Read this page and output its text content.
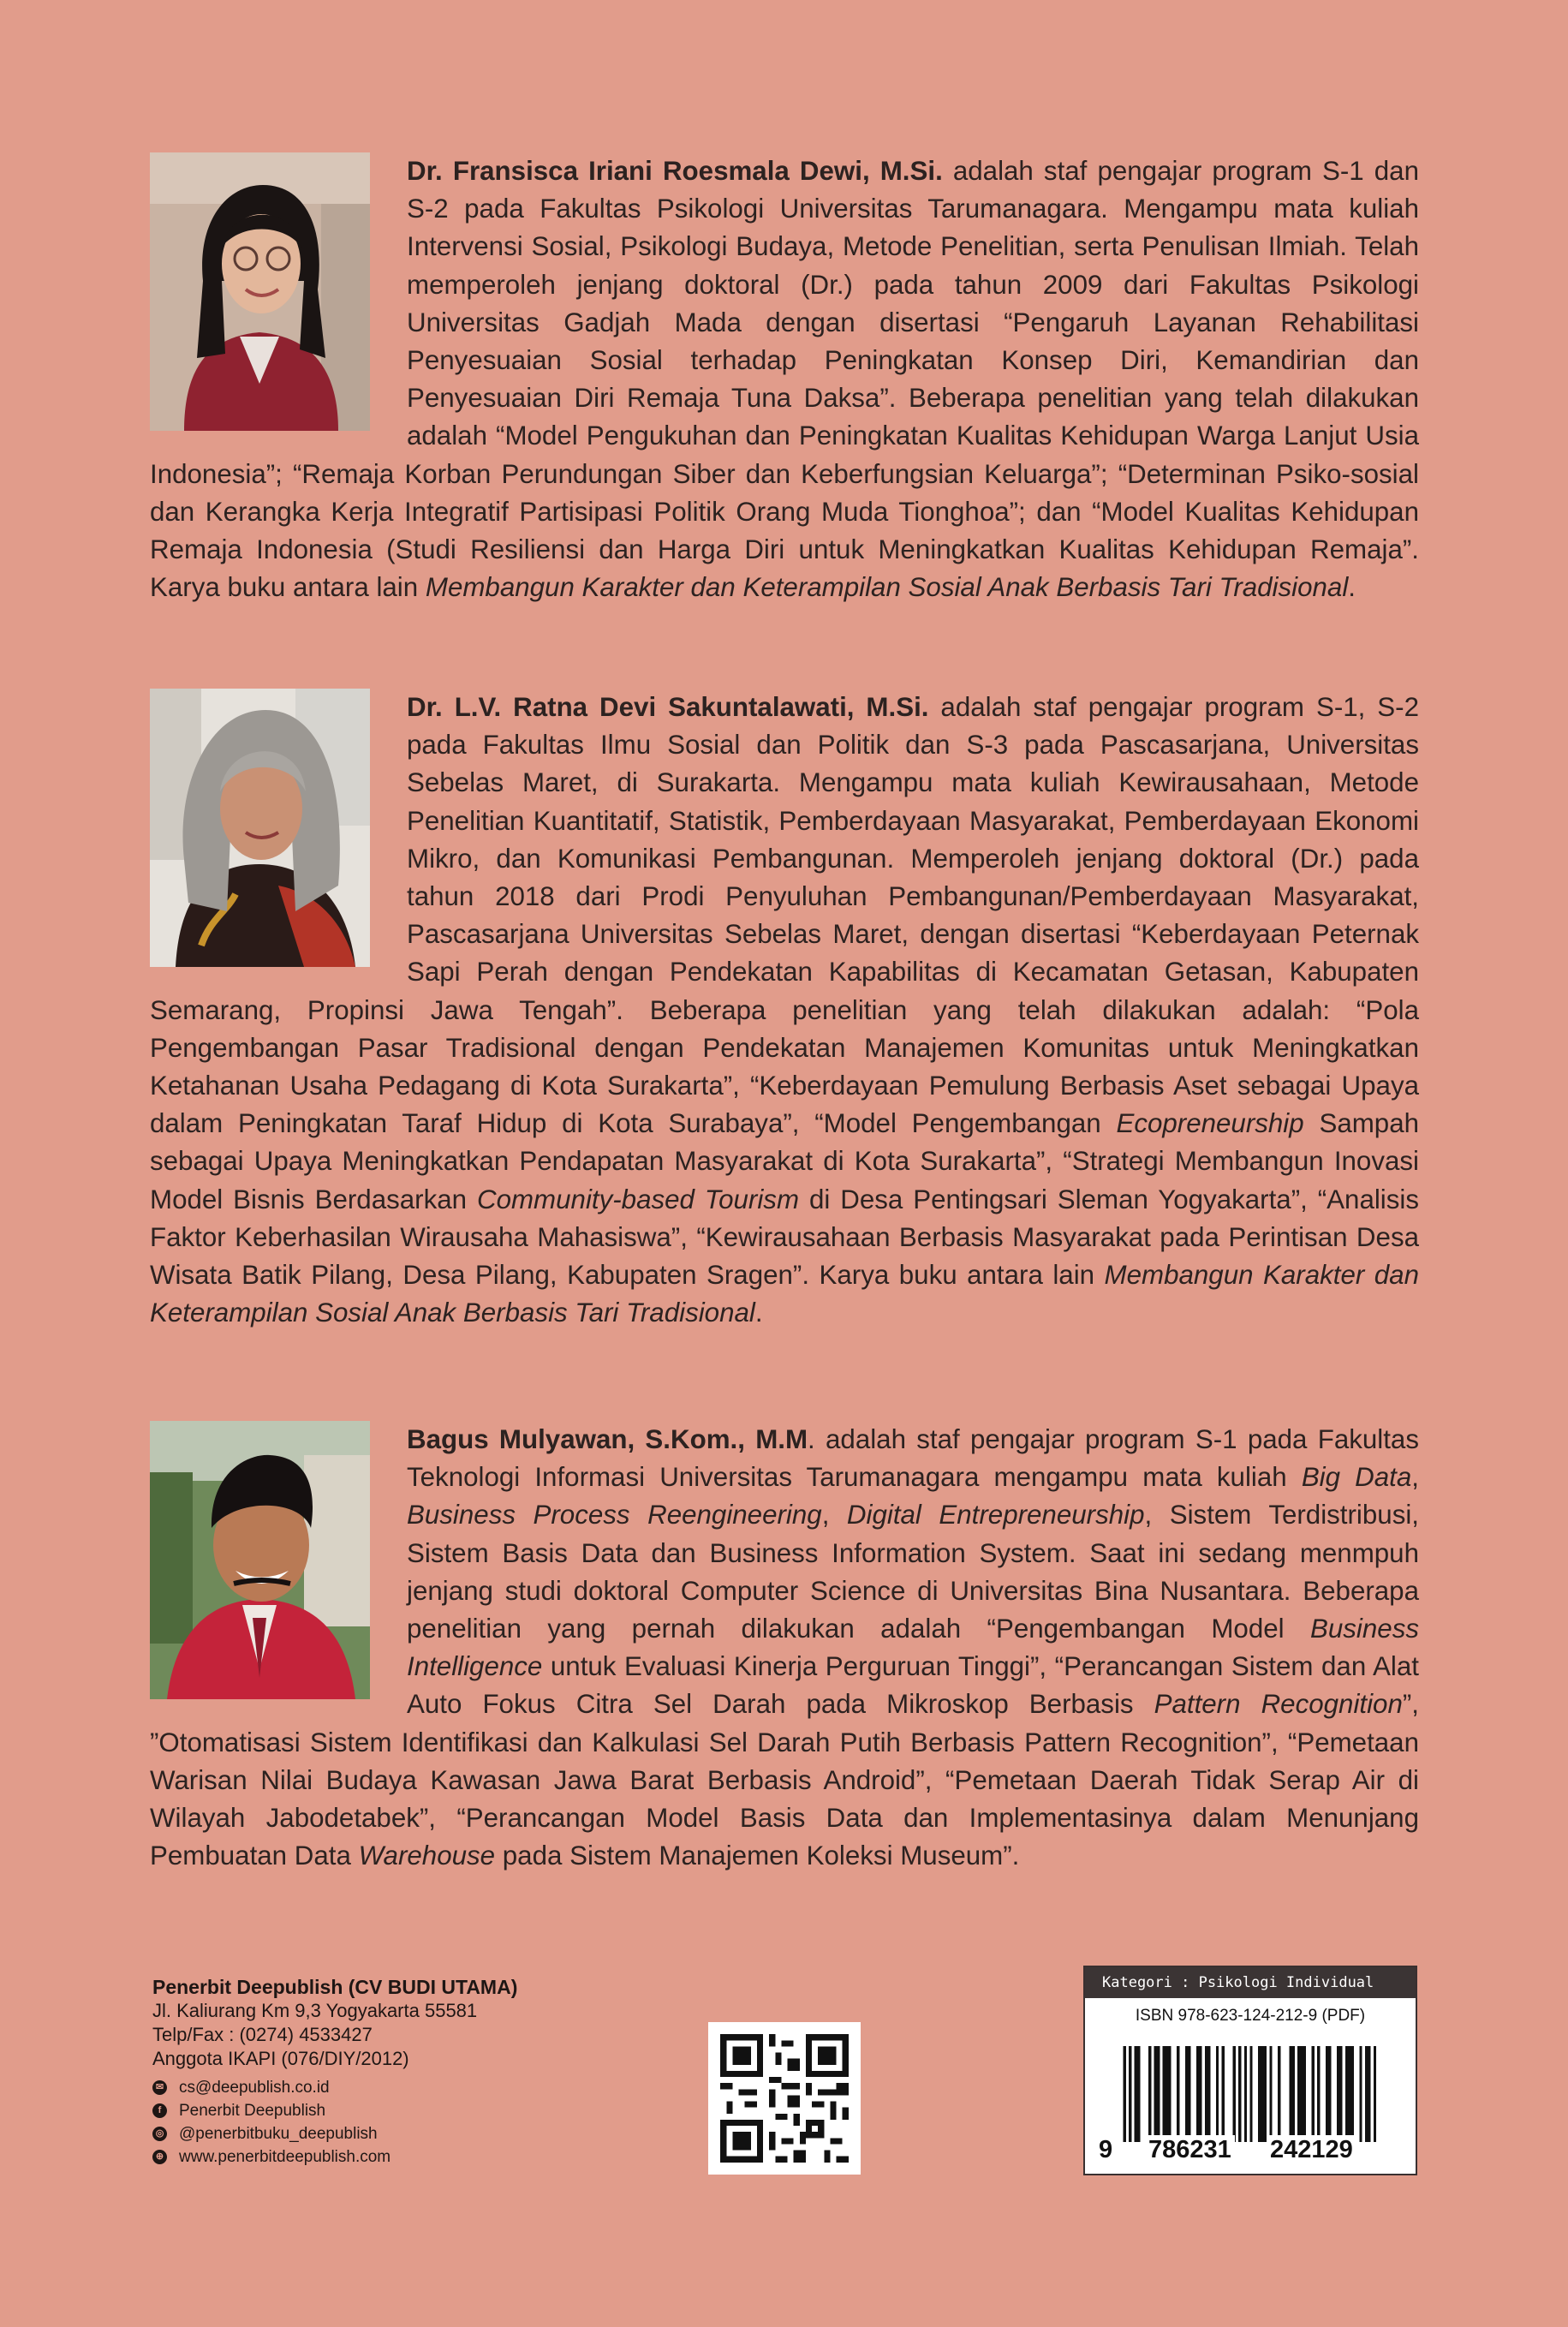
Dr. Fransisca Iriani Roesmala Dewi, M.Si. adalah staf pengajar program S-1 dan S-2 pada Fakultas Psikologi Universitas Tarumanagara. Mengampu mata kuliah Intervensi Sosial, Psikologi Budaya, Metode Penelitian, serta Penulisan Ilmiah. Telah memperoleh jenjang doktoral (Dr.) pada tahun 2009 dari Fakultas Psikologi Universitas Gadjah Mada dengan disertasi “Pengaruh Layanan Rehabilitasi Penyesuaian Sosial terhadap Peningkatan Konsep Diri, Kemandirian dan Penyesuaian Diri Remaja Tuna Daksa”. Beberapa penelitian yang telah dilakukan adalah “Model Pengukuhan dan Peningkatan Kualitas Kehidupan Warga Lanjut Usia Indonesia”; “Remaja Korban Perundungan Siber dan Keberfungsian Keluarga”; “Determinan Psiko-sosial dan Kerangka Kerja Integratif Partisipasi Politik Orang Muda Tionghoa”; dan “Model Kualitas Kehidupan Remaja Indonesia (Studi Resiliensi dan Harga Diri untuk Meningkatkan Kualitas Kehidupan Remaja”. Karya buku antara lain Membangun Karakter dan Keterampilan Sosial Anak Berbasis Tari Tradisional.
Dr. L.V. Ratna Devi Sakuntalawati, M.Si. adalah staf pengajar program S-1, S-2 pada Fakultas Ilmu Sosial dan Politik dan S-3 pada Pascasarjana, Universitas Sebelas Maret, di Surakarta. Mengampu mata kuliah Kewirausahaan, Metode Penelitian Kuantitatif, Statistik, Pemberdayaan Masyarakat, Pemberdayaan Ekonomi Mikro, dan Komunikasi Pembangunan. Memperoleh jenjang doktoral (Dr.) pada tahun 2018 dari Prodi Penyuluhan Pembangunan/Pemberdayaan Masyarakat, Pascasarjana Universitas Sebelas Maret, dengan disertasi “Keberdayaan Peternak Sapi Perah dengan Pendekatan Kapabilitas di Kecamatan Getasan, Kabupaten Semarang, Propinsi Jawa Tengah”. Beberapa penelitian yang telah dilakukan adalah: “Pola Pengembangan Pasar Tradisional dengan Pendekatan Manajemen Komunitas untuk Meningkatkan Ketahanan Usaha Pedagang di Kota Surakarta”, “Keberdayaan Pemulung Berbasis Aset sebagai Upaya dalam Peningkatan Taraf Hidup di Kota Surabaya”, “Model Pengembangan Ecopreneurship Sampah sebagai Upaya Meningkatkan Pendapatan Masyarakat di Kota Surakarta”, “Strategi Membangun Inovasi Model Bisnis Berdasarkan Community-based Tourism di Desa Pentingsari Sleman Yogyakarta”, “Analisis Faktor Keberhasilan Wirausaha Mahasiswa”, “Kewirausahaan Berbasis Masyarakat pada Perintisan Desa Wisata Batik Pilang, Desa Pilang, Kabupaten Sragen”. Karya buku antara lain Membangun Karakter dan Keterampilan Sosial Anak Berbasis Tari Tradisional.
Bagus Mulyawan, S.Kom., M.M. adalah staf pengajar program S-1 pada Fakultas Teknologi Informasi Universitas Tarumanagara mengampu mata kuliah Big Data, Business Process Reengineering, Digital Entrepreneurship, Sistem Terdistribusi, Sistem Basis Data dan Business Information System. Saat ini sedang menmpuh jenjang studi doktoral Computer Science di Universitas Bina Nusantara. Beberapa penelitian yang pernah dilakukan adalah “Pengembangan Model Business Intelligence untuk Evaluasi Kinerja Perguruan Tinggi”, “Perancangan Sistem dan Alat Auto Fokus Citra Sel Darah pada Mikroskop Berbasis Pattern Recognition”, ”Otomatisasi Sistem Identifikasi dan Kalkulasi Sel Darah Putih Berbasis Pattern Recognition”, “Pemetaan Warisan Nilai Budaya Kawasan Jawa Barat Berbasis Android”, “Pemetaan Daerah Tidak Serap Air di Wilayah Jabodetabek”, “Perancangan Model Basis Data dan Implementasinya dalam Menunjang Pembuatan Data Warehouse pada Sistem Manajemen Koleksi Museum”.
Penerbit Deepublish (CV BUDI UTAMA)
Jl. Kaliurang Km 9,3 Yogyakarta 55581
Telp/Fax : (0274) 4533427
Anggota IKAPI (076/DIY/2012)
✉ cs@deepublish.co.id
f	Penerbit Deepublish
◎ @penerbitbuku_deepublish
⊕ www.penerbitdeepublish.com
Kategori : Psikologi Individual
ISBN 978-623-124-212-9 (PDF)
9 786231 242129
